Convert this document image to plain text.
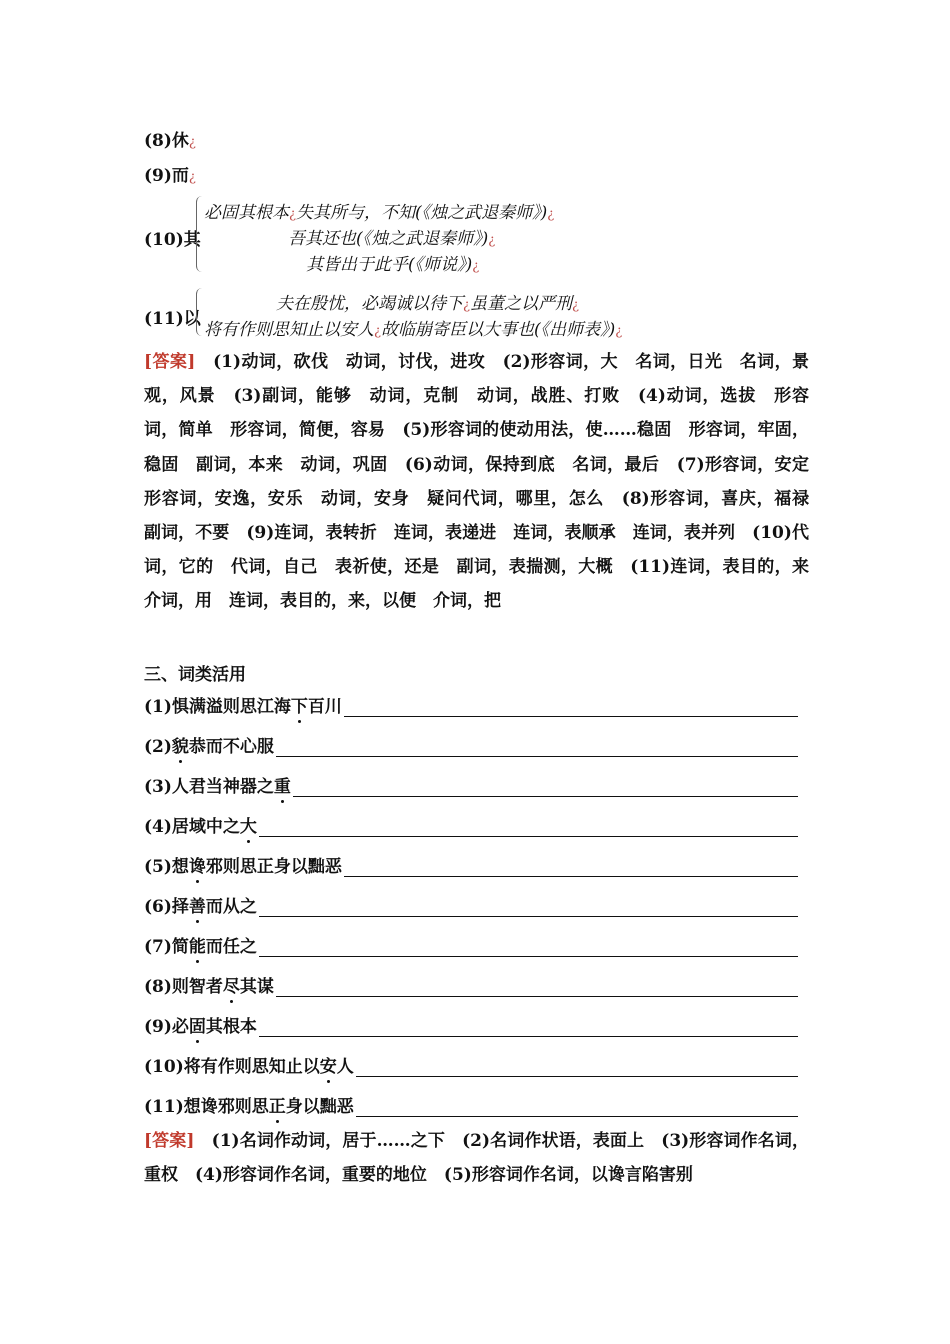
(8)休¿
(9)而¿
(10)其
必固其根本¿失其所与，不知(《烛之武退秦师》)¿
吾其还也(《烛之武退秦师》)¿
其皆出于此乎(《师说》)¿
(11)以
夫在殷忧，必竭诚以待下¿虽董之以严刑¿
将有作则思知止以安人¿故临崩寄臣以大事也(《出师表》)¿
[答案]　 (1)动词，砍伐　动词，讨伐，进攻　(2)形容词，大　名词，日光　名词，景观，风景　(3)副词，能够　动词，克制　动词，战胜、打败　(4)动词，选拔　形容词，简单　形容词，简便，容易　(5)形容词的使动用法，使……稳固　形容词，牢固，稳固　副词，本来　动词，巩固　(6)动词，保持到底　名词，最后　(7)形容词，安定　形容词，安逸，安乐　动词，安身　疑问代词，哪里，怎么　(8)形容词，喜庆，福禄　副词，不要　(9)连词，表转折　连词，表递进　连词，表顺承　连词，表并列　(10)代词，它的　代词，自己　表祈使，还是　副词，表揣测，大概　(11)连词，表目的，来　介词，用　连词，表目的，来，以便　介词，把
三、词类活用
(1)惧满溢则思江海下百川
(2)貌恭而不心服
(3)人君当神器之重
(4)居域中之大
(5)想谗邪则思正身以黜恶
(6)择善而从之
(7)简能而任之
(8)则智者尽其谋
(9)必固其根本
(10)将有作则思知止以安人
(11)想谗邪则思正身以黜恶
[答案]　 (1)名词作动词，居于……之下　(2)名词作状语，表面上　(3)形容词作名词，重权　(4)形容词作名词，重要的地位　(5)形容词作名词，以谗言陷害别
